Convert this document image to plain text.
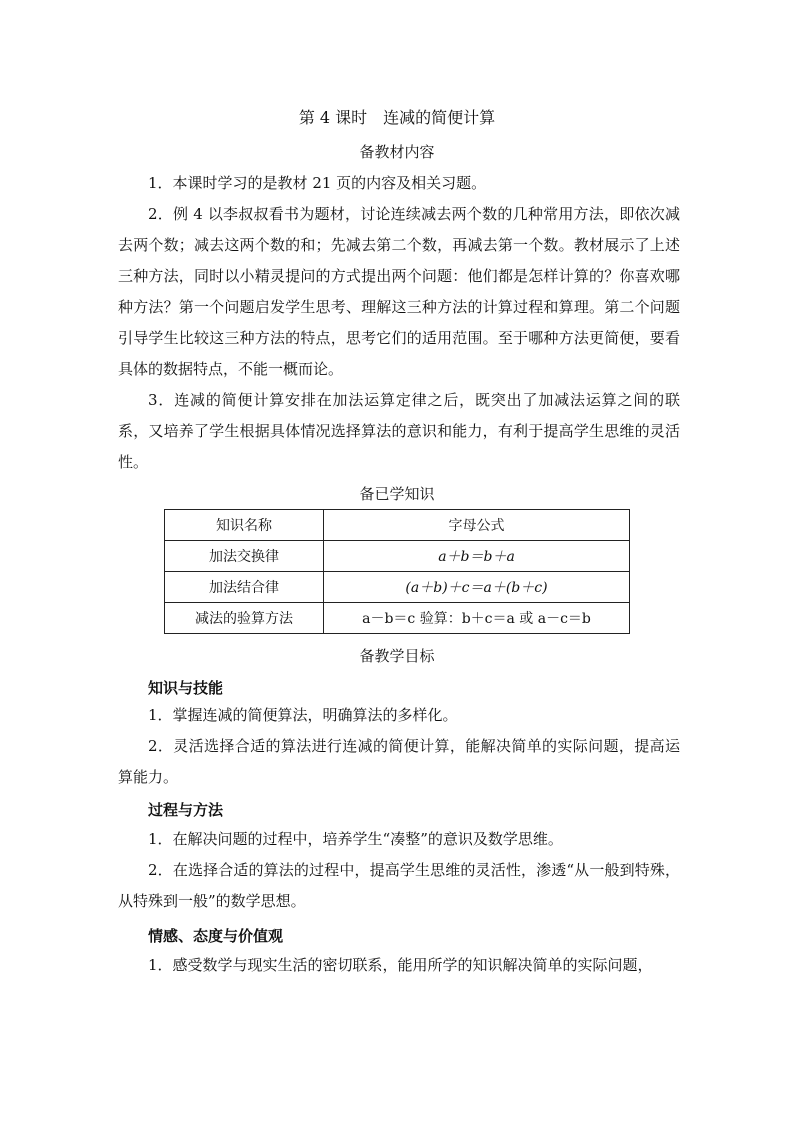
第 4 课时　连减的简便计算
备教材内容

1．本课时学习的是教材 21 页的内容及相关习题。

2．例 4 以李叔叔看书为题材，讨论连续减去两个数的几种常用方法，即依次减去两个数；减去这两个数的和；先减去第二个数，再减去第一个数。教材展示了上述三种方法，同时以小精灵提问的方式提出两个问题：他们都是怎样计算的？你喜欢哪种方法？第一个问题启发学生思考、理解这三种方法的计算过程和算理。第二个问题引导学生比较这三种方法的特点，思考它们的适用范围。至于哪种方法更简便，要看具体的数据特点，不能一概而论。

3．连减的简便计算安排在加法运算定律之后，既突出了加减法运算之间的联系，又培养了学生根据具体情况选择算法的意识和能力，有利于提高学生思维的灵活性。

备已学知识
知识名称	字母公式
加法交换律	a＋b＝b＋a
加法结合律	(a＋b)＋c＝a＋(b＋c)
减法的验算方法	a－b＝c 验算：b＋c＝a 或 a－c＝b
备教学目标
知识与技能

1．掌握连减的简便算法，明确算法的多样化。

2．灵活选择合适的算法进行连减的简便计算，能解决简单的实际问题，提高运算能力。

过程与方法

1．在解决问题的过程中，培养学生“凑整”的意识及数学思维。

2．在选择合适的算法的过程中，提高学生思维的灵活性，渗透“从一般到特殊，从特殊到一般”的数学思想。

情感、态度与价值观

1．感受数学与现实生活的密切联系，能用所学的知识解决简单的实际问题，
